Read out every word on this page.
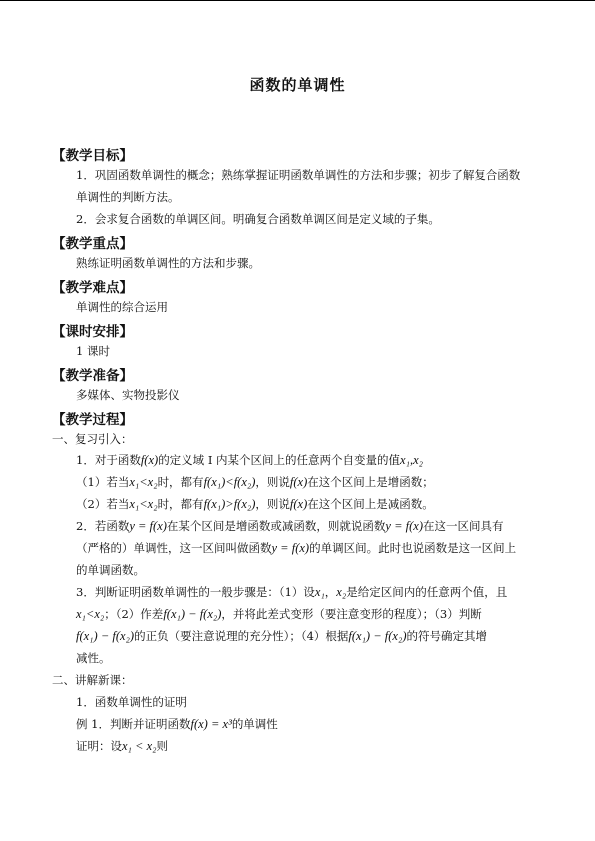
函数的单调性
【教学目标】
1．巩固函数单调性的概念；熟练掌握证明函数单调性的方法和步骤；初步了解复合函数
单调性的判断方法。
2．会求复合函数的单调区间。明确复合函数单调区间是定义域的子集。
【教学重点】
熟练证明函数单调性的方法和步骤。
【教学难点】
单调性的综合运用
【课时安排】
1 课时
【教学准备】
多媒体、实物投影仪
【教学过程】
一、复习引入：
1．对于函数f(x)的定义域 I 内某个区间上的任意两个自变量的值x₁,x₂
（1）若当x₁<x₂时，都有f(x₁)<f(x₂)，则说f(x)在这个区间上是增函数；
（2）若当x₁<x₂时，都有f(x₁)>f(x₂)，则说f(x)在这个区间上是减函数。
2．若函数y = f(x)在某个区间是增函数或减函数，则就说函数y = f(x)在这一区间具有
（严格的）单调性，这一区间叫做函数y = f(x)的单调区间。此时也说函数是这一区间上
的单调函数。
3．判断证明函数单调性的一般步骤是：（1）设x₁，x₂是给定区间内的任意两个值，且
x₁<x₂；（2）作差f(x₁) − f(x₂)，并将此差式变形（要注意变形的程度）；（3）判断
f(x₁) − f(x₂)的正负（要注意说理的充分性）；（4）根据f(x₁) − f(x₂)的符号确定其增
减性。
二、讲解新课：
1．函数单调性的证明
例 1．判断并证明函数f(x) = x³的单调性
证明：设x₁ < x₂则
